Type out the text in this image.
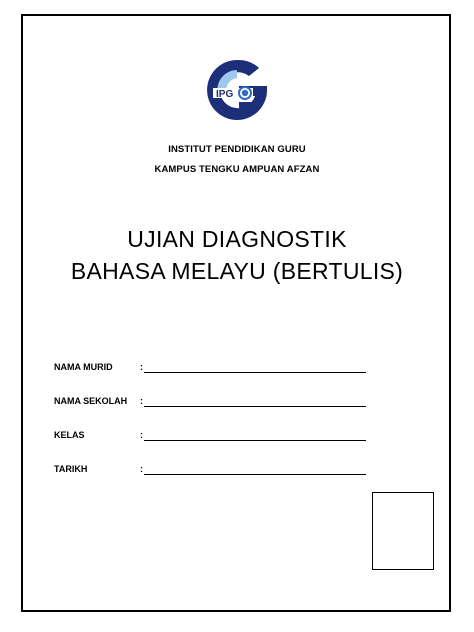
IPG
INSTITUT PENDIDIKAN GURU
KAMPUS TENGKU AMPUAN AFZAN
UJIAN DIAGNOSTIK
BAHASA MELAYU (BERTULIS)
NAMA MURID	:
NAMA SEKOLAH :
KELAS	:
TARIKH	:
